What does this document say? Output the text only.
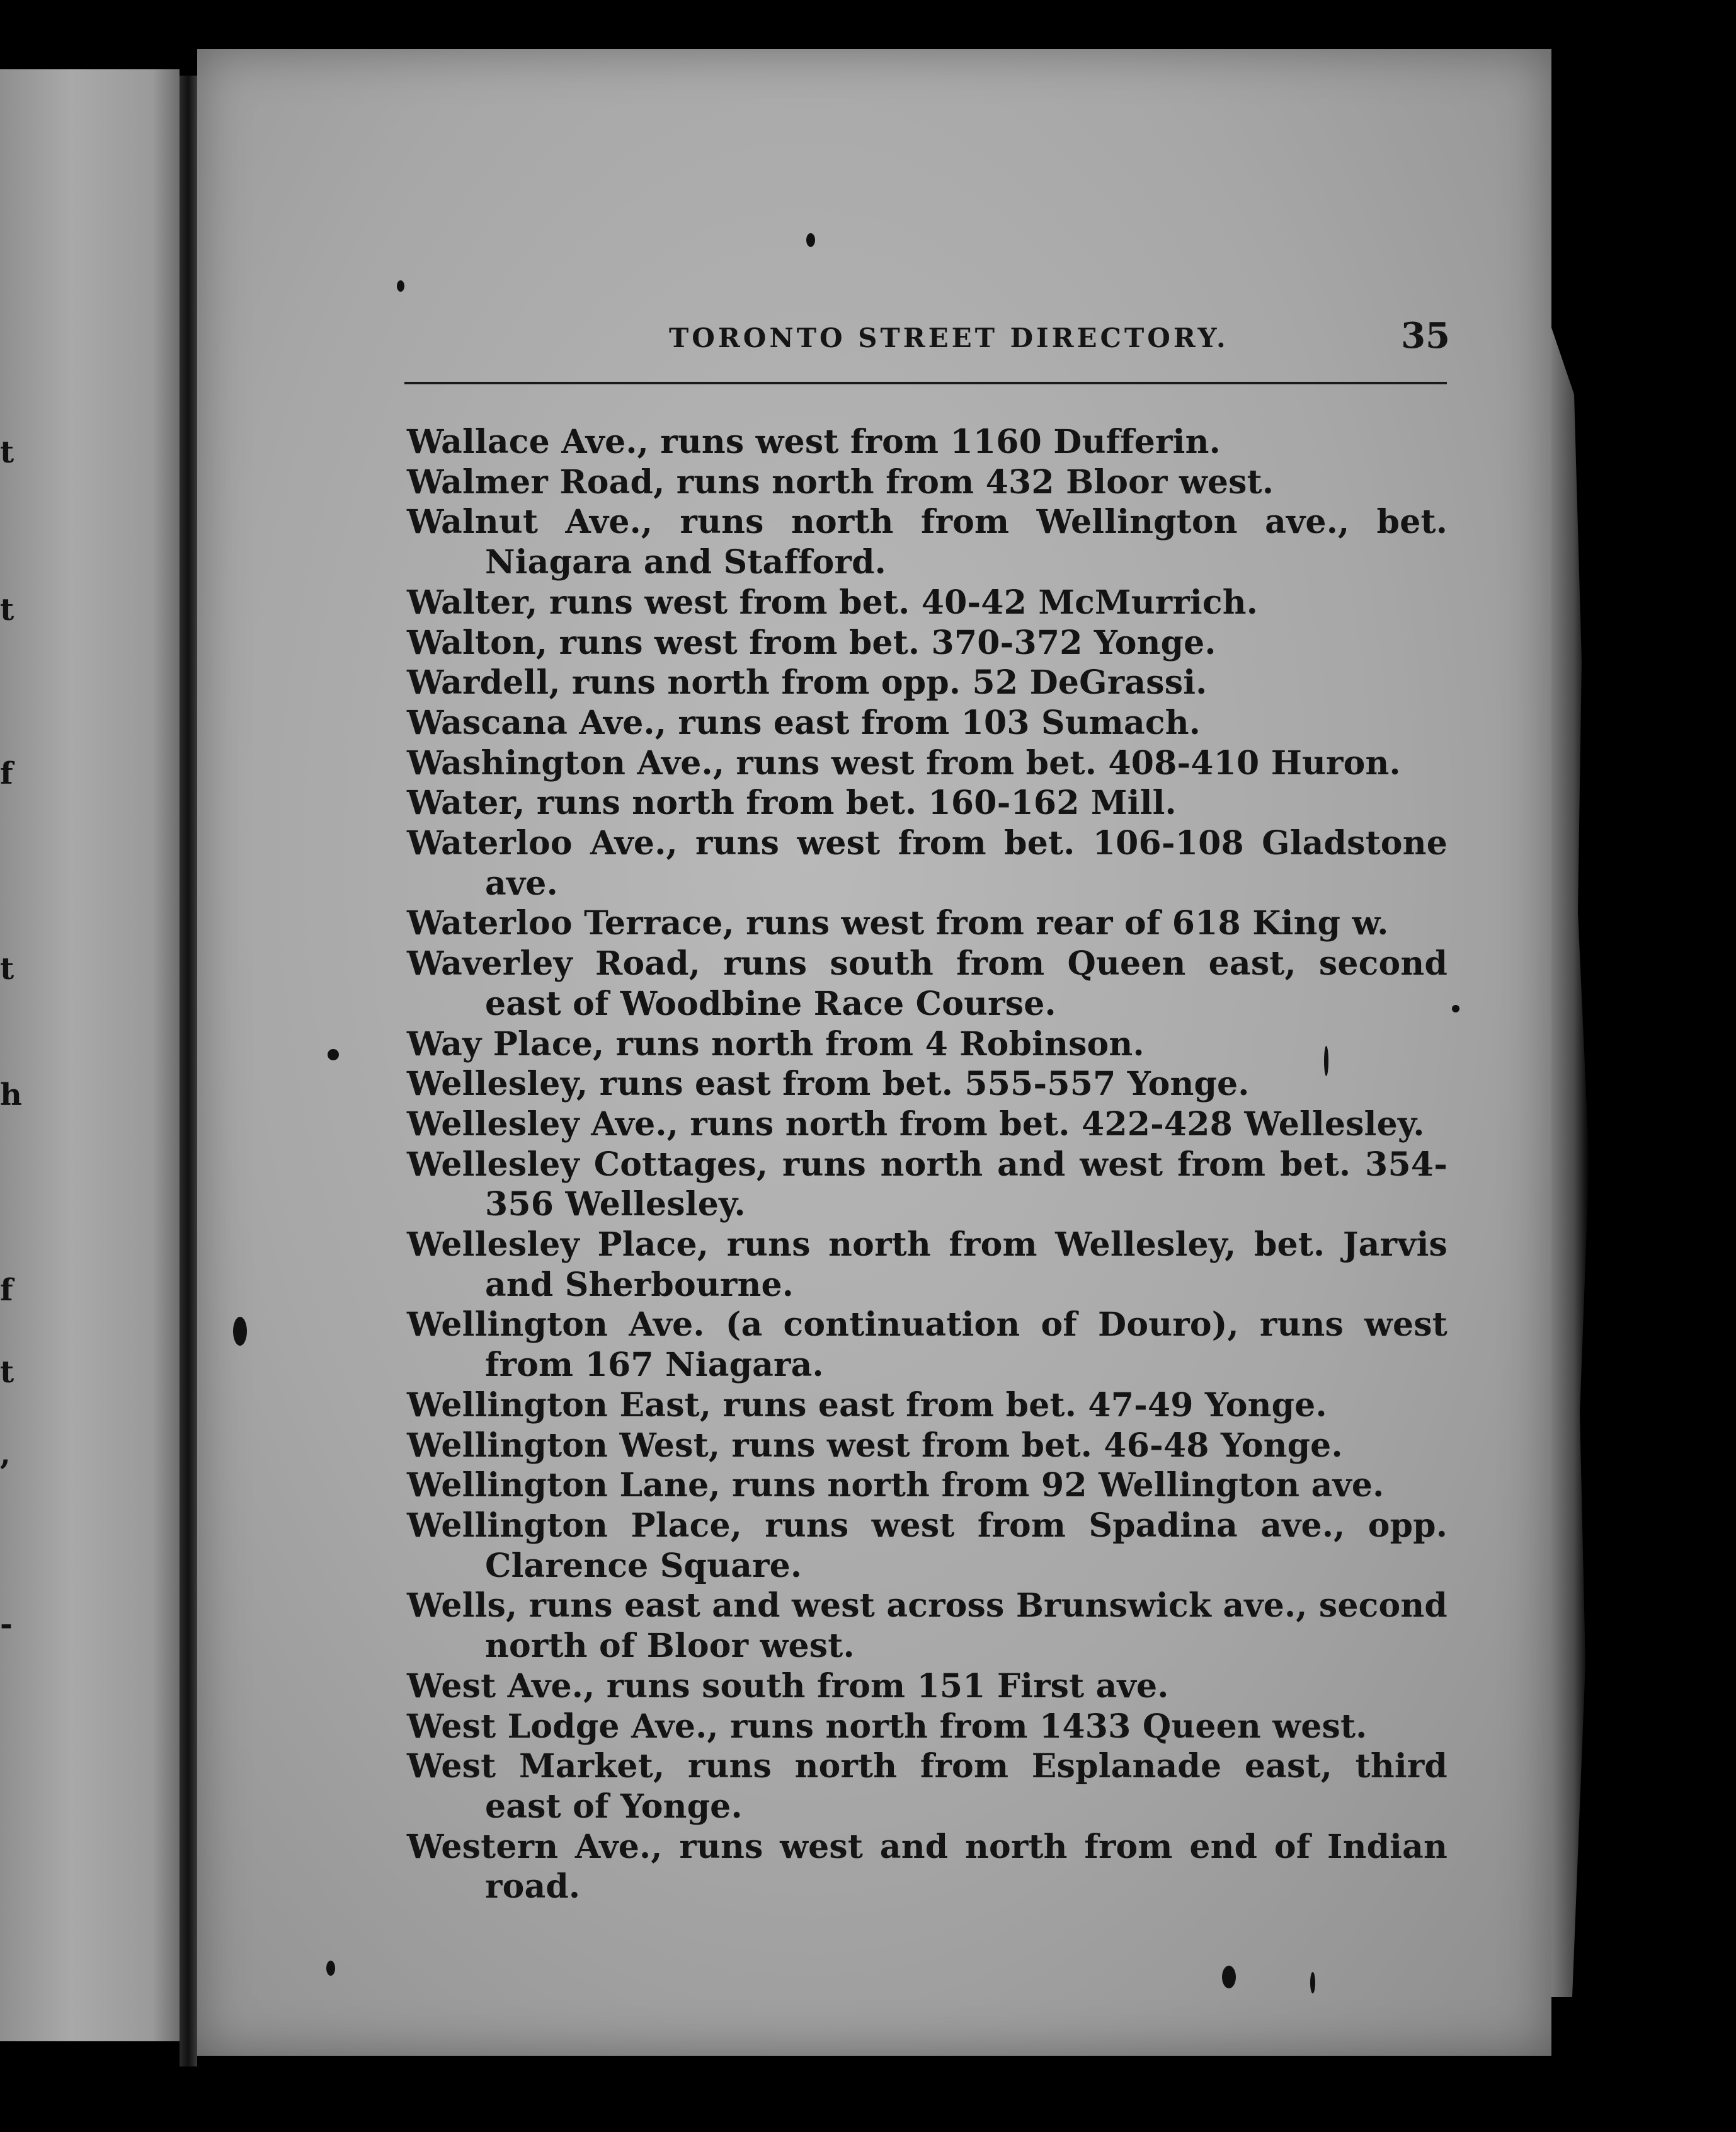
t
t
f
t
h
f
t
,
-
TORONTO STREET DIRECTORY.	35
Wallace Ave., runs west from 1160 Dufferin.
Walmer Road, runs north from 432 Bloor west.
Walnut Ave., runs north from Wellington ave., bet. Niagara and Stafford.
Walter, runs west from bet. 40-42 McMurrich.
Walton, runs west from bet. 370-372 Yonge.
Wardell, runs north from opp. 52 DeGrassi.
Wascana Ave., runs east from 103 Sumach.
Washington Ave., runs west from bet. 408-410 Huron.
Water, runs north from bet. 160-162 Mill.
Waterloo Ave., runs west from bet. 106-108 Gladstone ave.
Waterloo Terrace, runs west from rear of 618 King w.
Waverley Road, runs south from Queen east, second east of Woodbine Race Course.
Way Place, runs north from 4 Robinson.
Wellesley, runs east from bet. 555-557 Yonge.
Wellesley Ave., runs north from bet. 422-428 Wellesley.
Wellesley Cottages, runs north and west from bet. 354-356 Wellesley.
Wellesley Place, runs north from Wellesley, bet. Jarvis and Sherbourne.
Wellington Ave. (a continuation of Douro), runs west from 167 Niagara.
Wellington East, runs east from bet. 47-49 Yonge.
Wellington West, runs west from bet. 46-48 Yonge.
Wellington Lane, runs north from 92 Wellington ave.
Wellington Place, runs west from Spadina ave., opp. Clarence Square.
Wells, runs east and west across Brunswick ave., second north of Bloor west.
West Ave., runs south from 151 First ave.
West Lodge Ave., runs north from 1433 Queen west.
West Market, runs north from Esplanade east, third east of Yonge.
Western Ave., runs west and north from end of Indian road.
